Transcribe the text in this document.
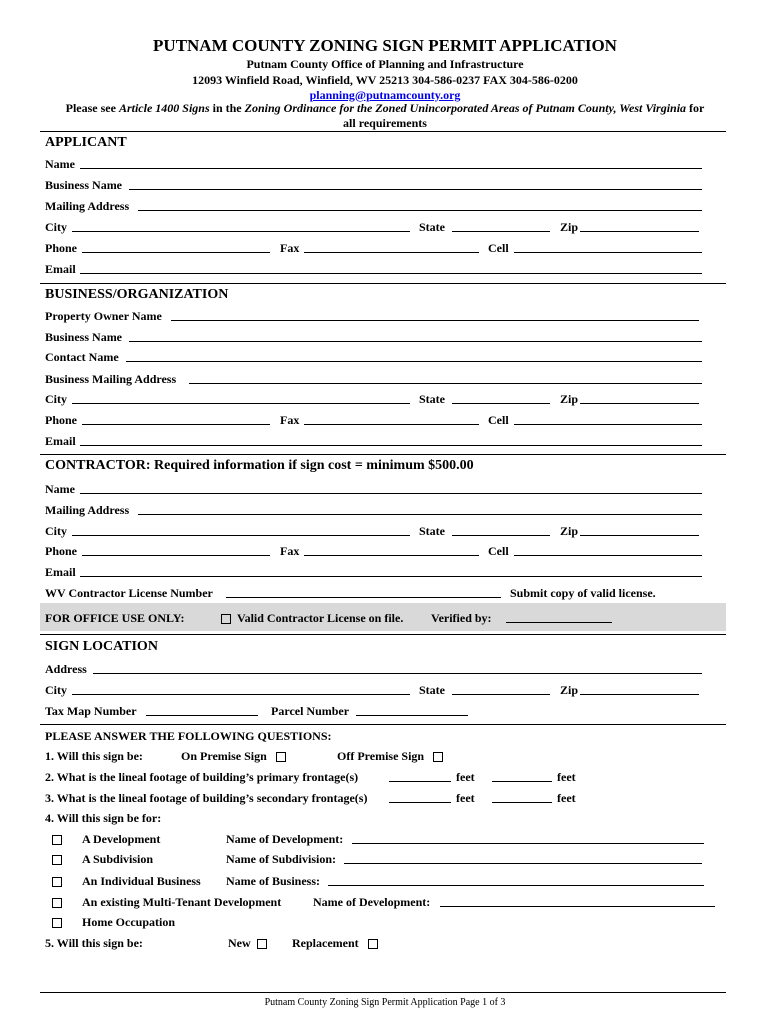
PUTNAM COUNTY ZONING SIGN PERMIT APPLICATION
Putnam County Office of Planning and Infrastructure
12093 Winfield Road, Winfield, WV 25213 304-586-0237 FAX 304-586-0200
planning@putnamcounty.org
Please see Article 1400 Signs in the Zoning Ordinance for the Zoned Unincorporated Areas of Putnam County, West Virginia for
all requirements
APPLICANT
Name
Business Name
Mailing Address
City	State	Zip
Phone	Fax	Cell
Email
BUSINESS/ORGANIZATION
Property Owner Name
Business Name
Contact Name
Business Mailing Address
City	State	Zip
Phone	Fax	Cell
Email
CONTRACTOR: Required information if sign cost = minimum $500.00
Name
Mailing Address
City	State	Zip
Phone	Fax	Cell
Email
WV Contractor License Number	Submit copy of valid license.
FOR OFFICE USE ONLY:	Valid Contractor License on file. Verified by:
SIGN LOCATION
Address
City	State	Zip
Tax Map Number	Parcel Number
PLEASE ANSWER THE FOLLOWING QUESTIONS:
1. Will this sign be:	On Premise Sign	Off Premise Sign
2. What is the lineal footage of building’s primary frontage(s)	feet	feet
3. What is the lineal footage of building’s secondary frontage(s)	feet	feet
4. Will this sign be for:
A Development	Name of Development:
A Subdivision	Name of Subdivision:
An Individual Business Name of Business:
An existing Multi-Tenant Development	Name of Development:
Home Occupation
5. Will this sign be:	New	Replacement
Putnam County Zoning Sign Permit Application Page 1 of 3
